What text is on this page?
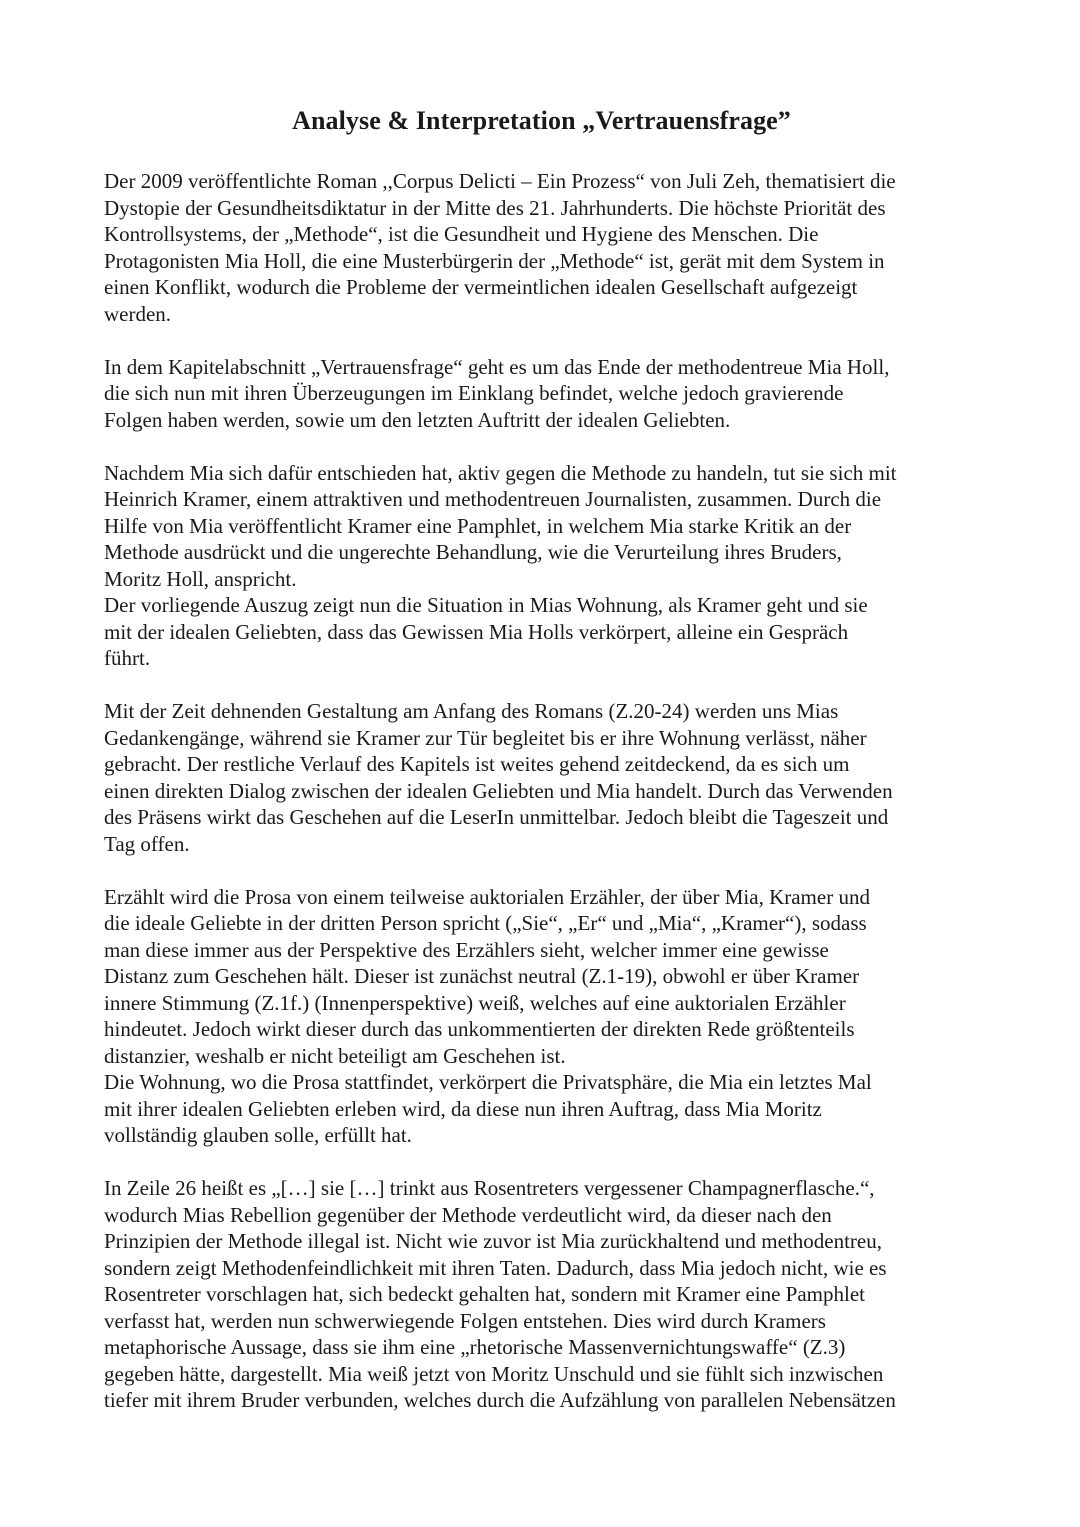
Analyse & Interpretation „Vertrauensfrage”

Der 2009 veröffentlichte Roman ,,Corpus Delicti – Ein Prozess“ von Juli Zeh, thematisiert die
Dystopie der Gesundheitsdiktatur in der Mitte des 21. Jahrhunderts. Die höchste Priorität des
Kontrollsystems, der „Methode“, ist die Gesundheit und Hygiene des Menschen. Die
Protagonisten Mia Holl, die eine Musterbürgerin der „Methode“ ist, gerät mit dem System in
einen Konflikt, wodurch die Probleme der vermeintlichen idealen Gesellschaft aufgezeigt
werden.

In dem Kapitelabschnitt „Vertrauensfrage“ geht es um das Ende der methodentreue Mia Holl,
die sich nun mit ihren Überzeugungen im Einklang befindet, welche jedoch gravierende
Folgen haben werden, sowie um den letzten Auftritt der idealen Geliebten.

Nachdem Mia sich dafür entschieden hat, aktiv gegen die Methode zu handeln, tut sie sich mit
Heinrich Kramer, einem attraktiven und methodentreuen Journalisten, zusammen. Durch die
Hilfe von Mia veröffentlicht Kramer eine Pamphlet, in welchem Mia starke Kritik an der
Methode ausdrückt und die ungerechte Behandlung, wie die Verurteilung ihres Bruders,
Moritz Holl, anspricht.
Der vorliegende Auszug zeigt nun die Situation in Mias Wohnung, als Kramer geht und sie
mit der idealen Geliebten, dass das Gewissen Mia Holls verkörpert, alleine ein Gespräch
führt.

Mit der Zeit dehnenden Gestaltung am Anfang des Romans (Z.20-24) werden uns Mias
Gedankengänge, während sie Kramer zur Tür begleitet bis er ihre Wohnung verlässt, näher
gebracht. Der restliche Verlauf des Kapitels ist weites gehend zeitdeckend, da es sich um
einen direkten Dialog zwischen der idealen Geliebten und Mia handelt. Durch das Verwenden
des Präsens wirkt das Geschehen auf die LeserIn unmittelbar. Jedoch bleibt die Tageszeit und
Tag offen.

Erzählt wird die Prosa von einem teilweise auktorialen Erzähler, der über Mia, Kramer und
die ideale Geliebte in der dritten Person spricht („Sie“, „Er“ und „Mia“, „Kramer“), sodass
man diese immer aus der Perspektive des Erzählers sieht, welcher immer eine gewisse
Distanz zum Geschehen hält. Dieser ist zunächst neutral (Z.1-19), obwohl er über Kramer
innere Stimmung (Z.1f.) (Innenperspektive) weiß, welches auf eine auktorialen Erzähler
hindeutet. Jedoch wirkt dieser durch das unkommentierten der direkten Rede größtenteils
distanzier, weshalb er nicht beteiligt am Geschehen ist.
Die Wohnung, wo die Prosa stattfindet, verkörpert die Privatsphäre, die Mia ein letztes Mal
mit ihrer idealen Geliebten erleben wird, da diese nun ihren Auftrag, dass Mia Moritz
vollständig glauben solle, erfüllt hat.

In Zeile 26 heißt es „[…] sie […] trinkt aus Rosentreters vergessener Champagnerflasche.“,
wodurch Mias Rebellion gegenüber der Methode verdeutlicht wird, da dieser nach den
Prinzipien der Methode illegal ist. Nicht wie zuvor ist Mia zurückhaltend und methodentreu,
sondern zeigt Methodenfeindlichkeit mit ihren Taten. Dadurch, dass Mia jedoch nicht, wie es
Rosentreter vorschlagen hat, sich bedeckt gehalten hat, sondern mit Kramer eine Pamphlet
verfasst hat, werden nun schwerwiegende Folgen entstehen. Dies wird durch Kramers
metaphorische Aussage, dass sie ihm eine „rhetorische Massenvernichtungswaffe“ (Z.3)
gegeben hätte, dargestellt. Mia weiß jetzt von Moritz Unschuld und sie fühlt sich inzwischen
tiefer mit ihrem Bruder verbunden, welches durch die Aufzählung von parallelen Nebensätzen
